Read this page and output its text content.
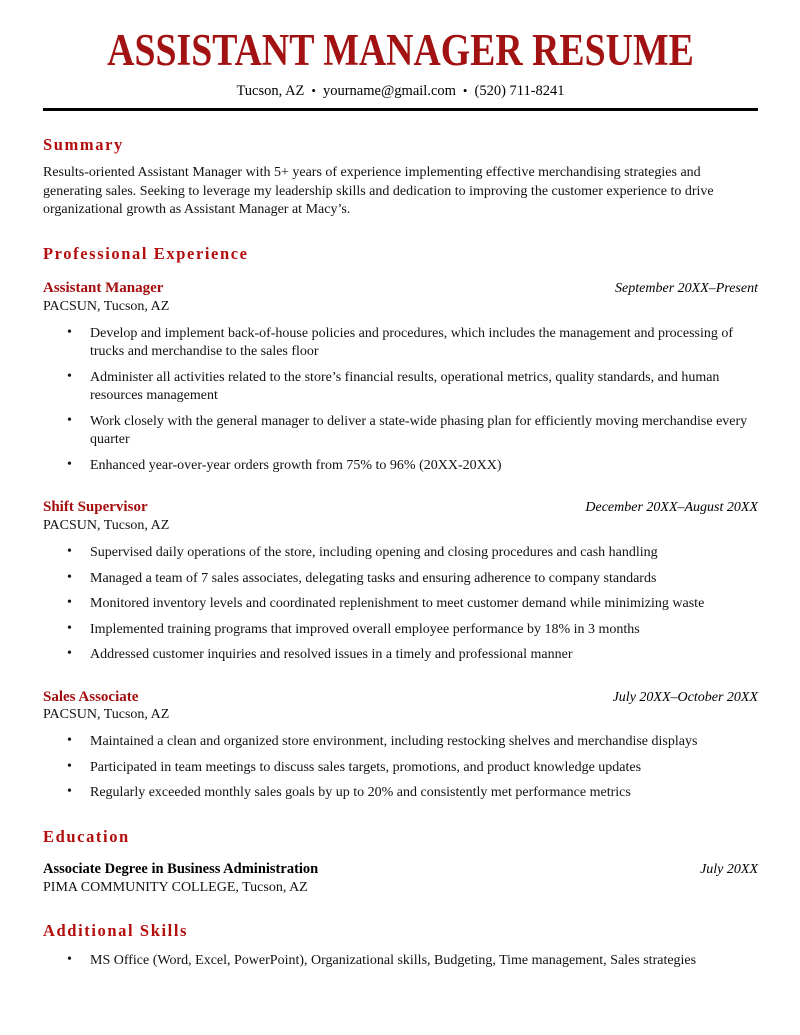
ASSISTANT MANAGER RESUME
Tucson, AZ • yourname@gmail.com • (520) 711-8241
Summary

Results-oriented Assistant Manager with 5+ years of experience implementing effective merchandising strategies and generating sales. Seeking to leverage my leadership skills and dedication to improving the customer experience to drive organizational growth as Assistant Manager at Macy’s.

Professional Experience
Assistant Manager	September 20XX–Present
PACSUN, Tucson, AZ
• Develop and implement back-of-house policies and procedures, which includes the management and processing of trucks and merchandise to the sales floor
• Administer all activities related to the store’s financial results, operational metrics, quality standards, and human resources management
• Work closely with the general manager to deliver a state-wide phasing plan for efficiently moving merchandise every quarter
• Enhanced year-over-year orders growth from 75% to 96% (20XX-20XX)
Shift Supervisor	December 20XX–August 20XX
PACSUN, Tucson, AZ
• Supervised daily operations of the store, including opening and closing procedures and cash handling
• Managed a team of 7 sales associates, delegating tasks and ensuring adherence to company standards
• Monitored inventory levels and coordinated replenishment to meet customer demand while minimizing waste
• Implemented training programs that improved overall employee performance by 18% in 3 months
• Addressed customer inquiries and resolved issues in a timely and professional manner
Sales Associate	July 20XX–October 20XX
PACSUN, Tucson, AZ
• Maintained a clean and organized store environment, including restocking shelves and merchandise displays
• Participated in team meetings to discuss sales targets, promotions, and product knowledge updates
• Regularly exceeded monthly sales goals by up to 20% and consistently met performance metrics
Education
Associate Degree in Business Administration	July 20XX
PIMA COMMUNITY COLLEGE, Tucson, AZ
Additional Skills
• MS Office (Word, Excel, PowerPoint), Organizational skills, Budgeting, Time management, Sales strategies
